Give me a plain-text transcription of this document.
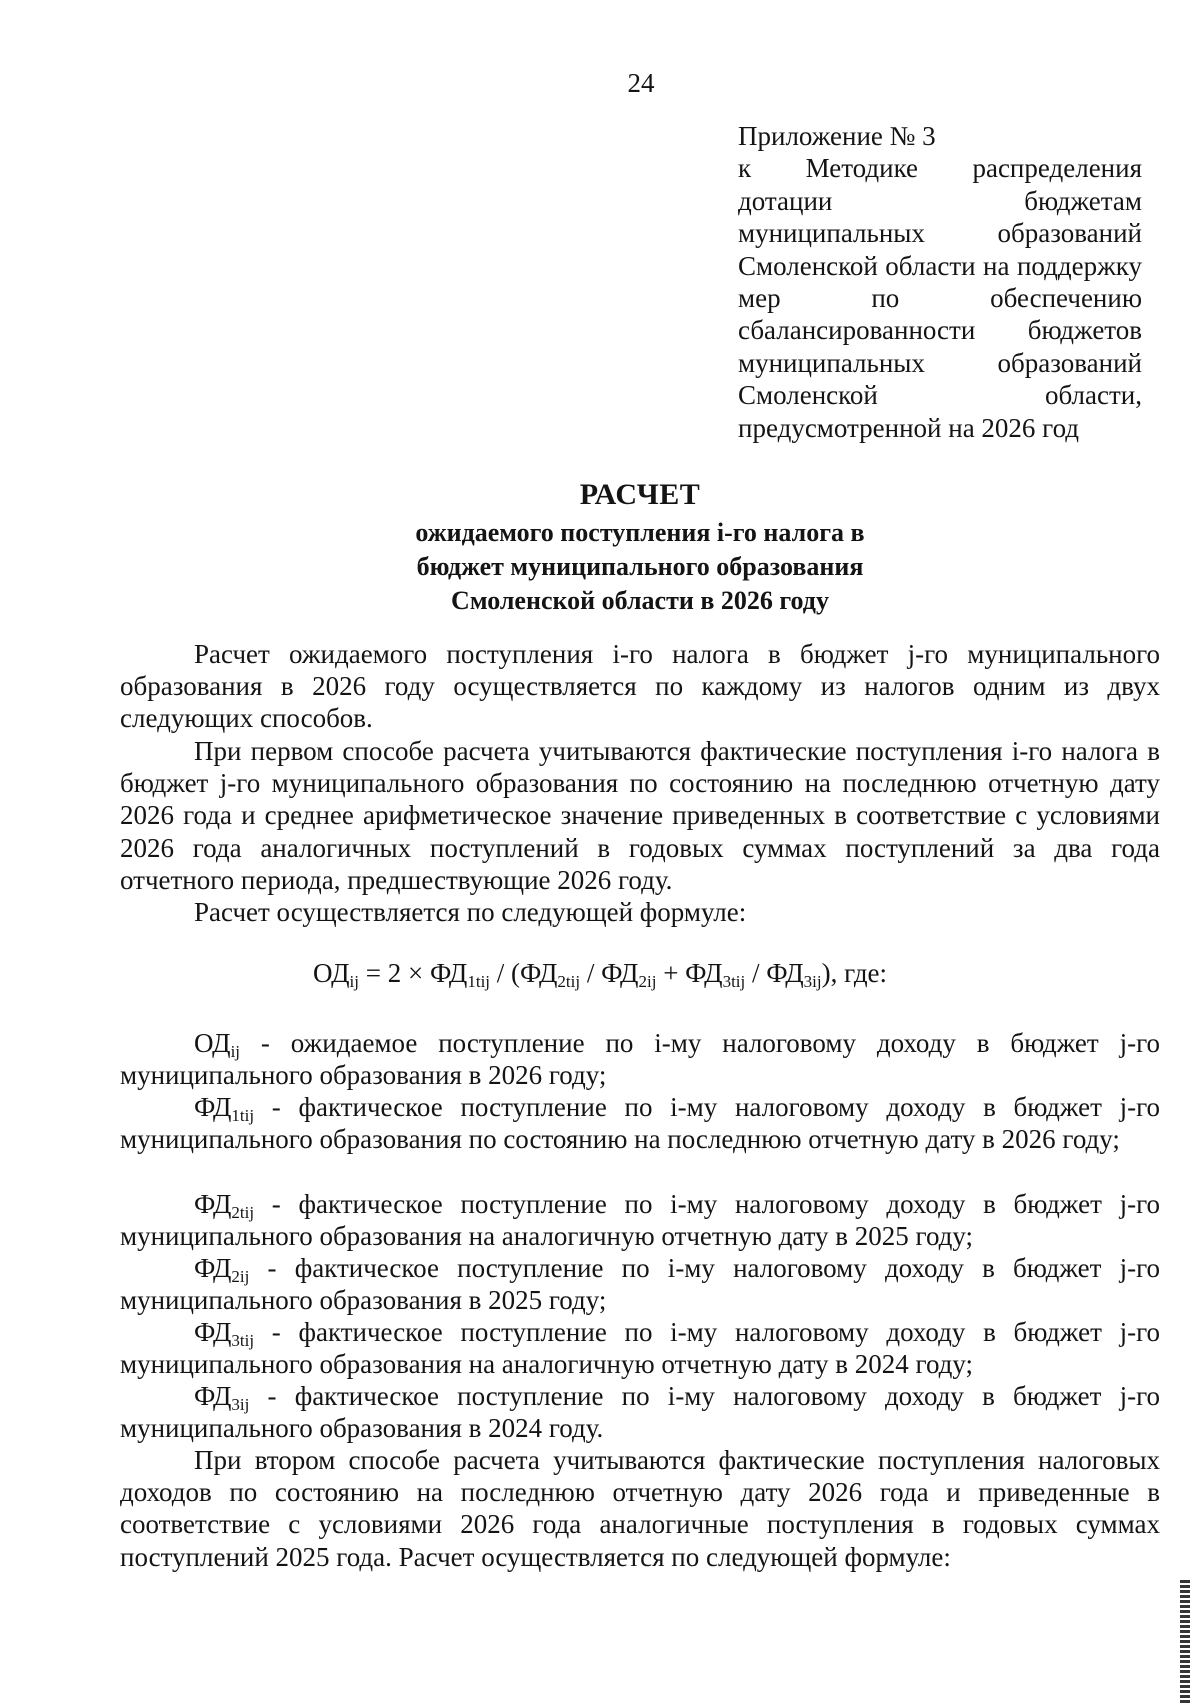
24
Приложение № 3
к Методике распределения дотации бюджетам муниципальных образований Смоленской области на поддержку мер по обеспечению сбалансированности бюджетов муниципальных образований Смоленской области, предусмотренной на 2026 год
РАСЧЕТ
ожидаемого поступления i-го налога в
бюджет муниципального образования
Смоленской области в 2026 году
Расчет ожидаемого поступления i-го налога в бюджет j-го муниципального образования в 2026 году осуществляется по каждому из налогов одним из двух следующих способов.
При первом способе расчета учитываются фактические поступления i-го налога в бюджет j-го муниципального образования по состоянию на последнюю отчетную дату 2026 года и среднее арифметическое значение приведенных в соответствие с условиями 2026 года аналогичных поступлений в годовых суммах поступлений за два года отчетного периода, предшествующие 2026 году.
Расчет осуществляется по следующей формуле:
$ОД_{ij} = 2 \times ФД_{1tij} / (ФД_{2tij} / ФД_{2ij} + ФД_{3tij} / ФД_{3ij})$, где:
$ОД_{ij}$ - ожидаемое поступление по i-му налоговому доходу в бюджет j-го муниципального образования в 2026 году;
$ФД_{1tij}$ - фактическое поступление по i-му налоговому доходу в бюджет j-го муниципального образования по состоянию на последнюю отчетную дату в 2026 году;
$ФД_{2tij}$ - фактическое поступление по i-му налоговому доходу в бюджет j-го муниципального образования на аналогичную отчетную дату в 2025 году;
$ФД_{2ij}$ - фактическое поступление по i-му налоговому доходу в бюджет j-го муниципального образования в 2025 году;
$ФД_{3tij}$ - фактическое поступление по i-му налоговому доходу в бюджет j-го муниципального образования на аналогичную отчетную дату в 2024 году;
$ФД_{3ij}$ - фактическое поступление по i-му налоговому доходу в бюджет j-го муниципального образования в 2024 году.
При втором способе расчета учитываются фактические поступления налоговых доходов по состоянию на последнюю отчетную дату 2026 года и приведенные в соответствие с условиями 2026 года аналогичные поступления в годовых суммах поступлений 2025 года. Расчет осуществляется по следующей формуле:
